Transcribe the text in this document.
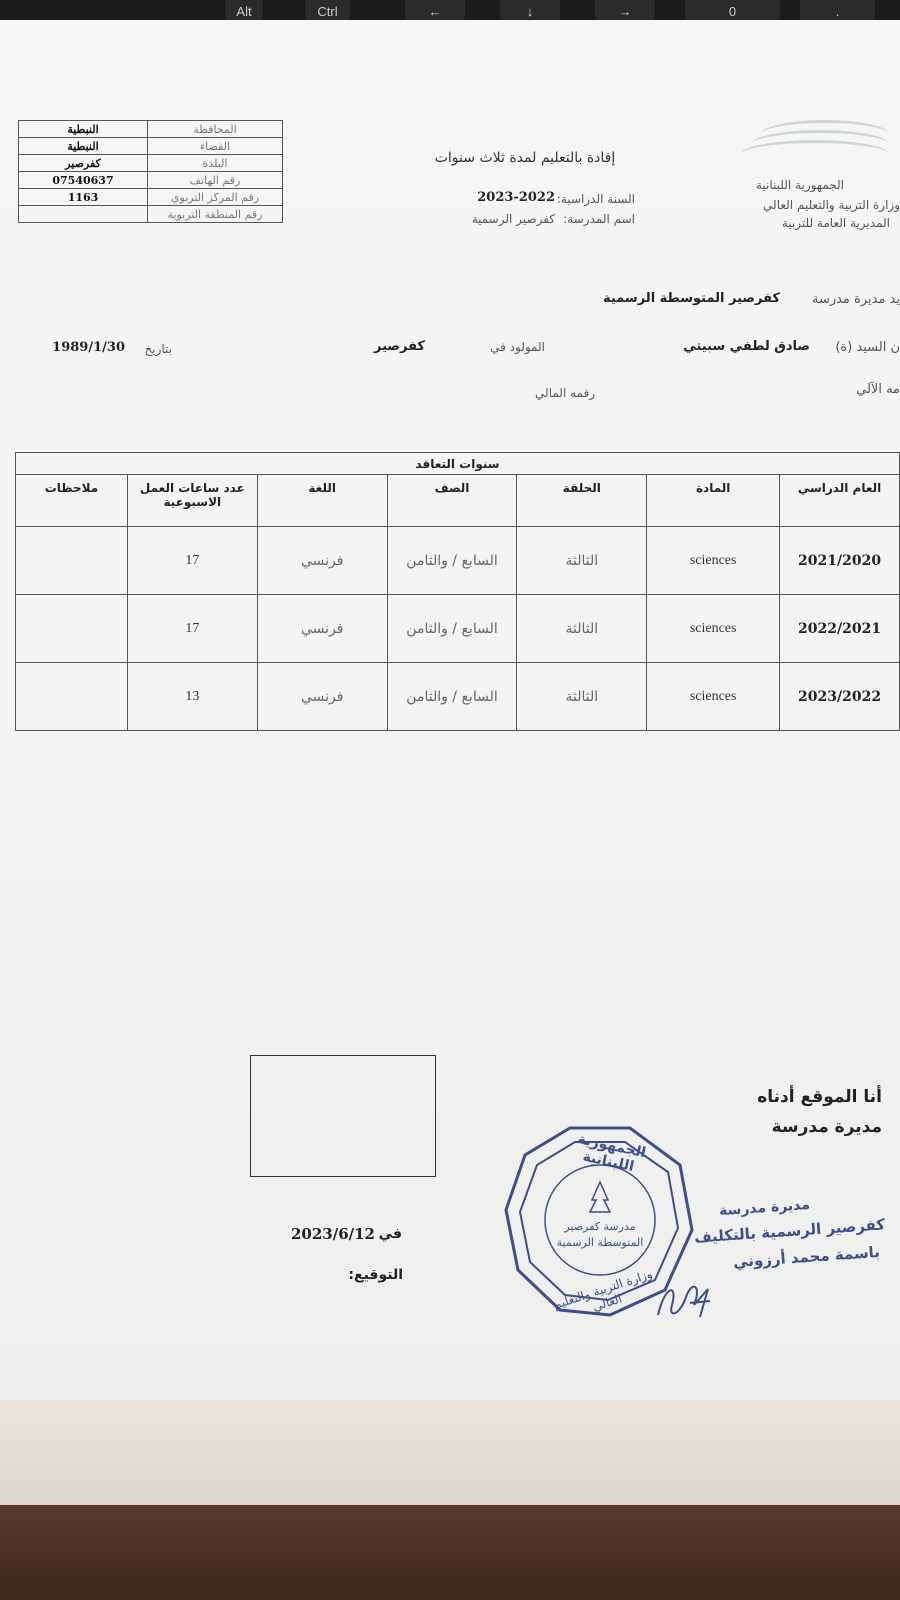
Alt	Ctrl	←	↓	→	0	.
الجمهورية اللبنانية
وزارة التربية والتعليم العالي
المديرية العامة للتربية
إفادة بالتعليم لمدة ثلاث سنوات
السنة الدراسية:
2023-2022
اسم المدرسة:
كفرصير الرسمية
المحافظة	النبطية
القضاء	النبطية
البلدة	كفرصير
رقم الهاتف	07540637
رقم المركز التربوي	1163
رقم المنطقة التربوية	
يد مديرة مدرسة
كفرصير المتوسطة الرسمية
ن السيد (ة)
صادق لطفي سبيتي
المولود في
كفرصير
بتاريخ
1989/1/30
مه الآلي
رقمه المالي
سنوات التعاقد						
العام الدراسي	المادة	الحلقة	الصف	اللغة	عدد ساعات العمل الاسبوعية	ملاحظات
2021/2020	sciences	الثالثة	السابع / والثامن	فرنسي	17	
2022/2021	sciences	الثالثة	السابع / والثامن	فرنسي	17	
2023/2022	sciences	الثالثة	السابع / والثامن	فرنسي	13	
أنا الموقع أدناه
مديرة مدرسة
في
2023/6/12
التوقيع:
الجمهورية اللبنانية
مدرسة كفرصير
المتوسطة الرسمية
وزارة التربية والتعليم العالي
مديرة مدرسة
كفرصير الرسمية بالتكليف
باسمة محمد أرزوني
